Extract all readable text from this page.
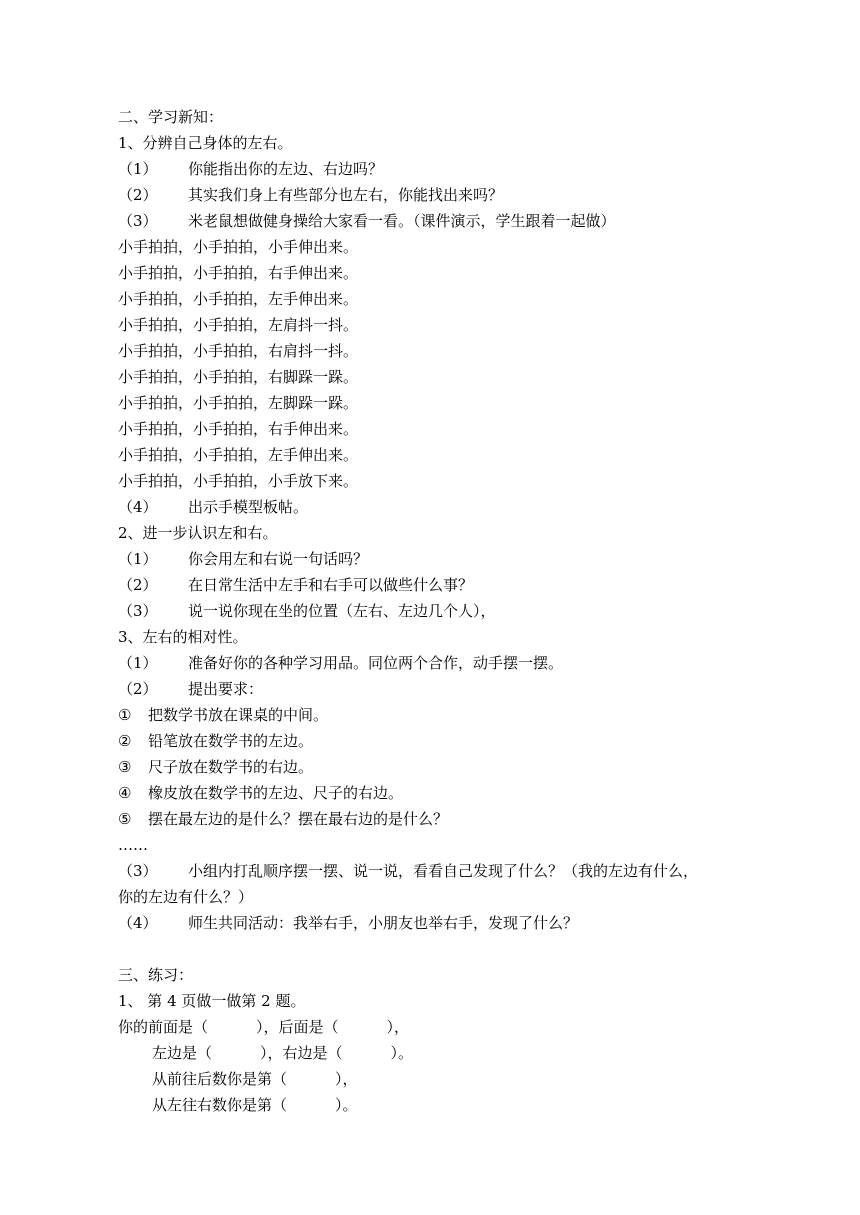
二、学习新知：
1、分辨自己身体的左右。
（1）	你能指出你的左边、右边吗？
（2）	其实我们身上有些部分也左右，你能找出来吗？
（3）	米老鼠想做健身操给大家看一看。（课件演示，学生跟着一起做）
小手拍拍，小手拍拍，小手伸出来。
小手拍拍，小手拍拍，右手伸出来。
小手拍拍，小手拍拍，左手伸出来。
小手拍拍，小手拍拍，左肩抖一抖。
小手拍拍，小手拍拍，右肩抖一抖。
小手拍拍，小手拍拍，右脚跺一跺。
小手拍拍，小手拍拍，左脚跺一跺。
小手拍拍，小手拍拍，右手伸出来。
小手拍拍，小手拍拍，左手伸出来。
小手拍拍，小手拍拍，小手放下来。
（4）	出示手模型板帖。
2、进一步认识左和右。
（1）	你会用左和右说一句话吗？
（2）	在日常生活中左手和右手可以做些什么事？
（3）	说一说你现在坐的位置（左右、左边几个人），
3、左右的相对性。
（1）	准备好你的各种学习用品。同位两个合作，动手摆一摆。
（2）	提出要求：
①	把数学书放在课桌的中间。
②	铅笔放在数学书的左边。
③	尺子放在数学书的右边。
④	橡皮放在数学书的左边、尺子的右边。
⑤	摆在最左边的是什么？摆在最右边的是什么？
……
（3）	小组内打乱顺序摆一摆、说一说，看看自己发现了什么？（我的左边有什么，
你的左边有什么？）
（4）	师生共同活动：我举右手，小朋友也举右手，发现了什么？
三、练习：
1、 第 4 页做一做第 2 题。
你的前面是（	），后面是（	），
左边是（	），右边是（	）。
从前往后数你是第（	），
从左往右数你是第（	）。
